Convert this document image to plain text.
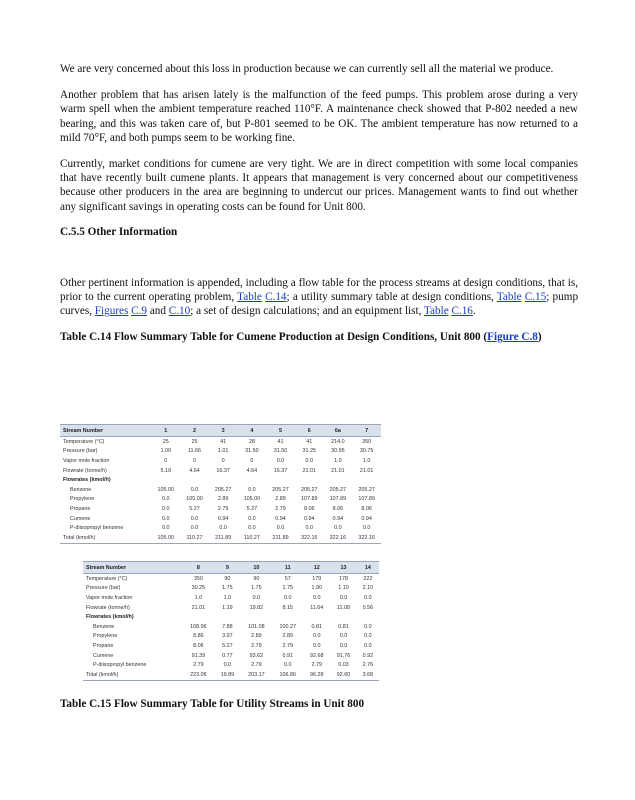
We are very concerned about this loss in production because we can currently sell all the material we produce.

Another problem that has arisen lately is the malfunction of the feed pumps. This problem arose during a very warm spell when the ambient temperature reached 110°F. A maintenance check showed that P-802 needed a new bearing, and this was taken care of, but P-801 seemed to be OK. The ambient temperature has now returned to a mild 70°F, and both pumps seem to be working fine.

Currently, market conditions for cumene are very tight. We are in direct competition with some local companies that have recently built cumene plants. It appears that management is very concerned about our competitiveness because other producers in the area are beginning to undercut our prices. Management wants to find out whether any significant savings in operating costs can be found for Unit 800.

C.5.5 Other Information

Other pertinent information is appended, including a flow table for the process streams at design conditions, that is, prior to the current operating problem, Table C.14; a utility summary table at design conditions, Table C.15; pump curves, Figures C.9 and C.10; a set of design calculations; and an equipment list, Table C.16.

Table C.14 Flow Summary Table for Cumene Production at Design Conditions, Unit 800 (Figure C.8)

Stream Number	1	2	3	4	5	6	6a	7
Temperature (°C)	25	25	41	28	41	41	214.0	350
Pressure (bar)	1.00	11.66	1.01	31.50	31.50	31.25	30.95	30.75
Vapor mole fraction	0	0	0	0	0.0	0.0	1.0	1.0
Flowrate (tonne/h)	5.19	4.64	16.37	4.64	16.37	21.01	21.01	21.01
Flowrates (kmol/h)								
Benzene	105.00	0.0	205.27	0.0	205.27	205.27	205.27	205.27
Propylene	0.0	105.00	2.89	105.00	2.89	107.89	107.89	107.89
Propane	0.0	5.27	2.79	5.27	2.79	8.06	8.06	8.06
Cumene	0.0	0.0	0.94	0.0	0.94	0.94	0.94	0.94
P-diisopropyl benzene	0.0	0.0	0.0	0.0	0.0	0.0	0.0	0.0
Total (kmol/h)	105.00	110.27	211.89	110.27	211.89	322.16	322.16	322.16
Stream Number	8	9	10	11	12	13	14
Temperature (°C)	350	90	90	57	179	178	222
Pressure (bar)	30.25	1.75	1.75	1.75	1.90	1.10	2.10
Vapor mole fraction	1.0	1.0	0.0	0.0	0.0	0.0	0.0
Flowrate (tonne/h)	21.01	1.19	19.82	8.15	11.64	11.08	0.56
Flowrates (kmol/h)							
Benzene	108.96	7.88	101.08	100.27	0.81	0.81	0.0
Propylene	8.86	3.97	2.89	2.89	0.0	0.0	0.0
Propane	8.06	5.27	2.79	2.79	0.0	0.0	0.0
Cumene	91.39	0.77	93.62	0.91	92.68	91.76	0.92
P-diisopropyl benzene	2.79	0.0	2.79	0.0	2.79	0.03	2.76
Total (kmol/h)	223.06	19.89	203.17	106.86	96.28	92.60	3.68

Table C.15 Flow Summary Table for Utility Streams in Unit 800
